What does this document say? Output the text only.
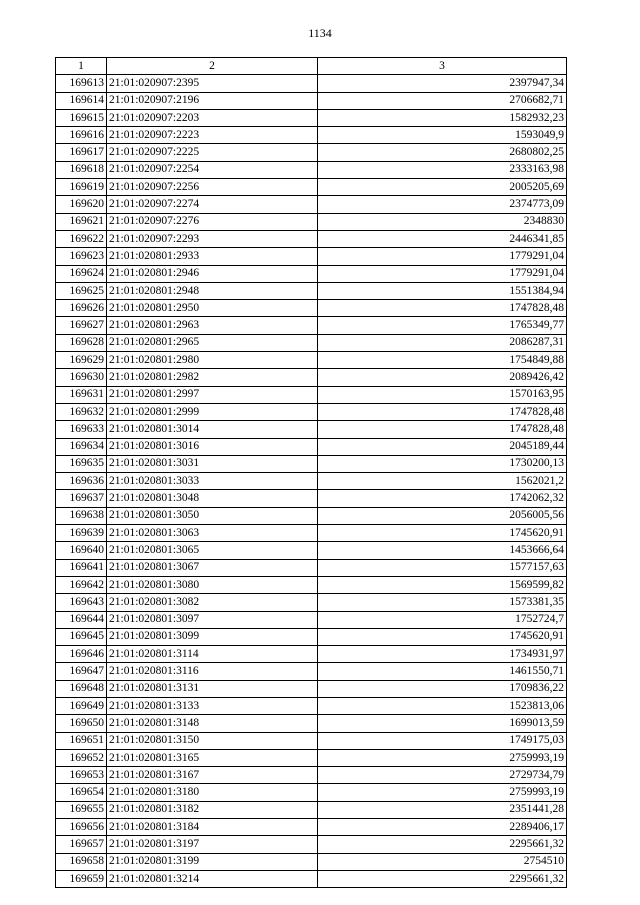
1134
1	2	3
169613	21:01:020907:2395	2397947,34
169614	21:01:020907:2196	2706682,71
169615	21:01:020907:2203	1582932,23
169616	21:01:020907:2223	1593049,9
169617	21:01:020907:2225	2680802,25
169618	21:01:020907:2254	2333163,98
169619	21:01:020907:2256	2005205,69
169620	21:01:020907:2274	2374773,09
169621	21:01:020907:2276	2348830
169622	21:01:020907:2293	2446341,85
169623	21:01:020801:2933	1779291,04
169624	21:01:020801:2946	1779291,04
169625	21:01:020801:2948	1551384,94
169626	21:01:020801:2950	1747828,48
169627	21:01:020801:2963	1765349,77
169628	21:01:020801:2965	2086287,31
169629	21:01:020801:2980	1754849,88
169630	21:01:020801:2982	2089426,42
169631	21:01:020801:2997	1570163,95
169632	21:01:020801:2999	1747828,48
169633	21:01:020801:3014	1747828,48
169634	21:01:020801:3016	2045189,44
169635	21:01:020801:3031	1730200,13
169636	21:01:020801:3033	1562021,2
169637	21:01:020801:3048	1742062,32
169638	21:01:020801:3050	2056005,56
169639	21:01:020801:3063	1745620,91
169640	21:01:020801:3065	1453666,64
169641	21:01:020801:3067	1577157,63
169642	21:01:020801:3080	1569599,82
169643	21:01:020801:3082	1573381,35
169644	21:01:020801:3097	1752724,7
169645	21:01:020801:3099	1745620,91
169646	21:01:020801:3114	1734931,97
169647	21:01:020801:3116	1461550,71
169648	21:01:020801:3131	1709836,22
169649	21:01:020801:3133	1523813,06
169650	21:01:020801:3148	1699013,59
169651	21:01:020801:3150	1749175,03
169652	21:01:020801:3165	2759993,19
169653	21:01:020801:3167	2729734,79
169654	21:01:020801:3180	2759993,19
169655	21:01:020801:3182	2351441,28
169656	21:01:020801:3184	2289406,17
169657	21:01:020801:3197	2295661,32
169658	21:01:020801:3199	2754510
169659	21:01:020801:3214	2295661,32
